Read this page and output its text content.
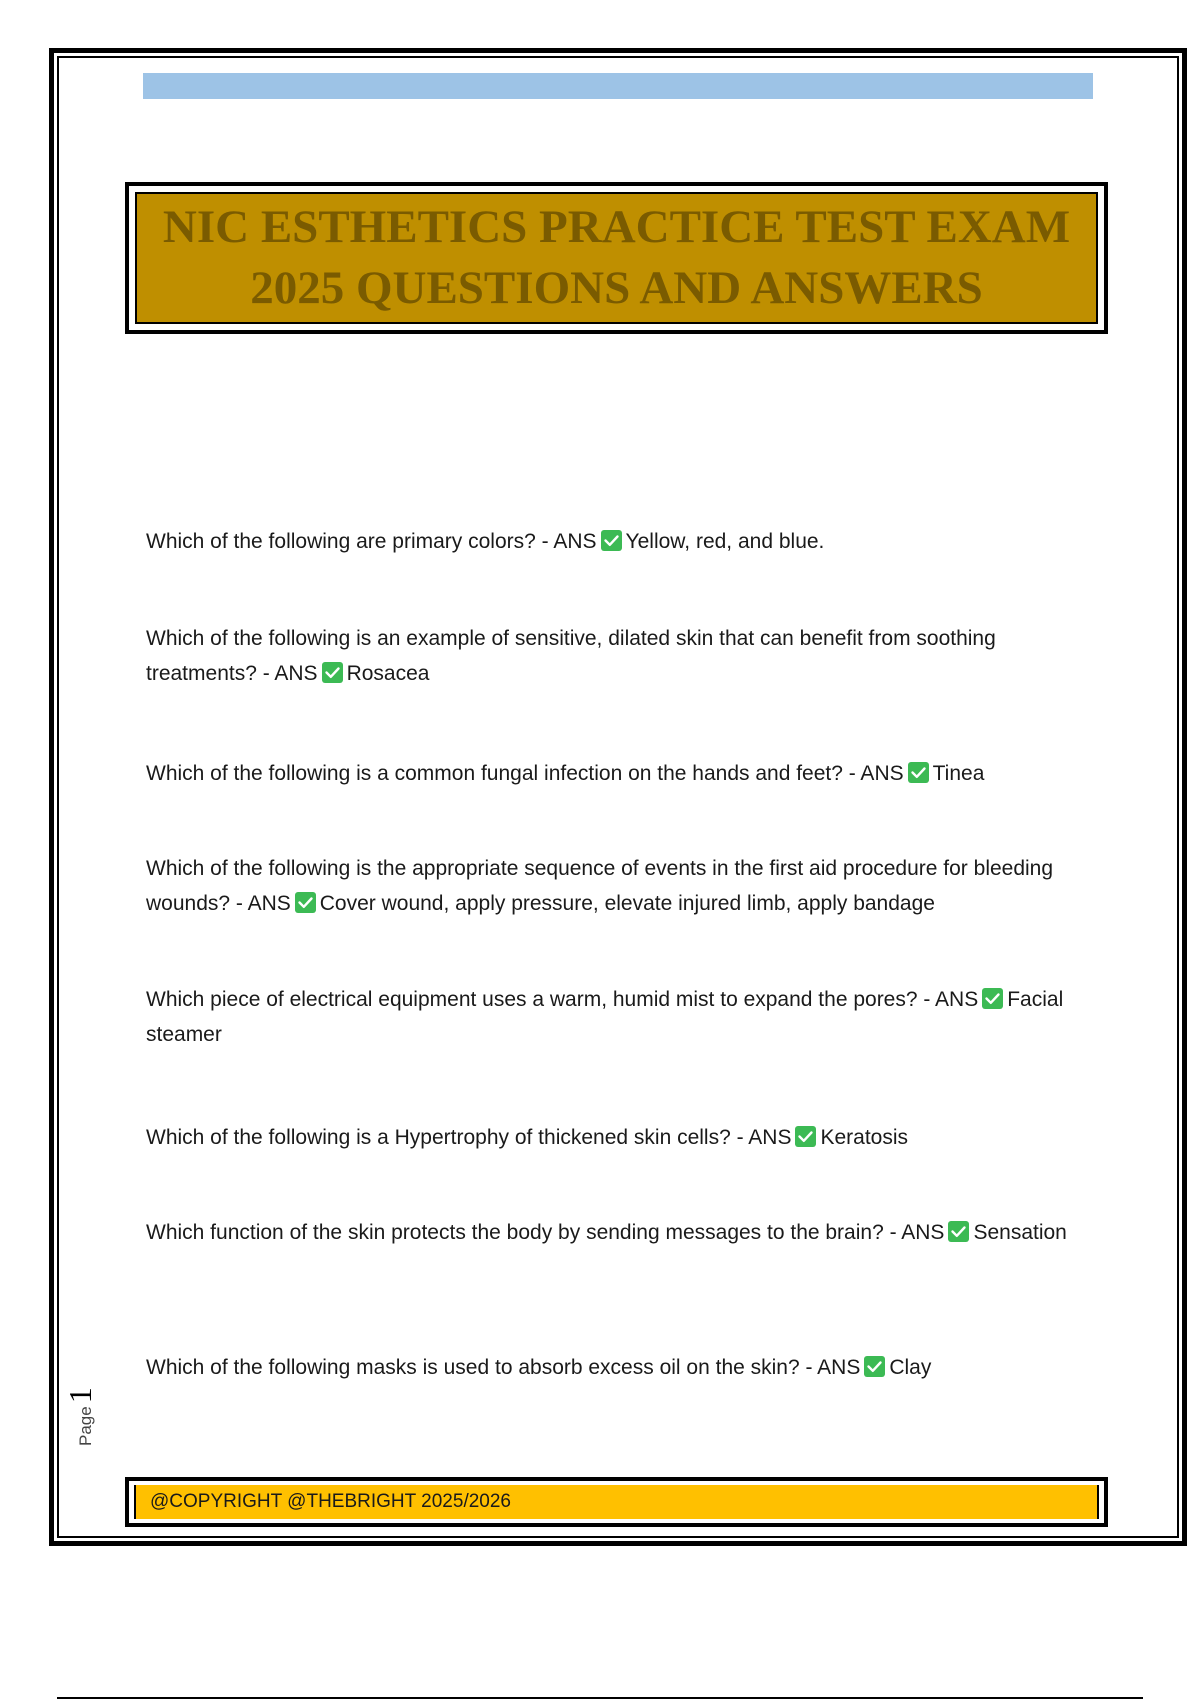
NIC ESTHETICS PRACTICE TEST EXAM
2025 QUESTIONS AND ANSWERS
Which of the following are primary colors? - ANS Yellow, red, and blue.
Which of the following is an example of sensitive, dilated skin that can benefit from soothing treatments? - ANS Rosacea
Which of the following is a common fungal infection on the hands and feet? - ANS Tinea
Which of the following is the appropriate sequence of events in the first aid procedure for bleeding wounds? - ANS Cover wound, apply pressure, elevate injured limb, apply bandage
Which piece of electrical equipment uses a warm, humid mist to expand the pores? - ANS Facial steamer
Which of the following is a Hypertrophy of thickened skin cells? - ANS Keratosis
Which function of the skin protects the body by sending messages to the brain? - ANS Sensation
Which of the following masks is used to absorb excess oil on the skin? - ANS Clay
Page1
@COPYRIGHT @THEBRIGHT 2025/2026
